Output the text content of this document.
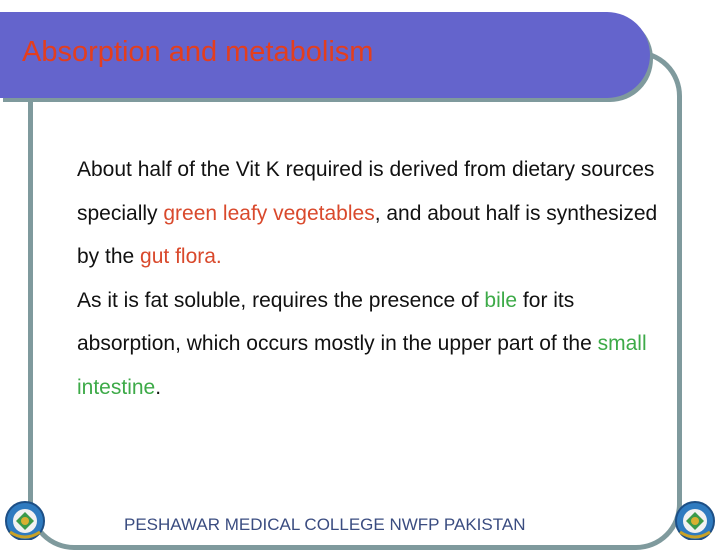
Absorption and metabolism

About half of the Vit K required is derived from dietary sources specially green leafy vegetables, and about half is synthesized by the gut flora.

As it is fat soluble, requires the presence of bile for its absorption, which occurs mostly in the upper part of the small intestine.

PESHAWAR MEDICAL COLLEGE NWFP PAKISTAN
